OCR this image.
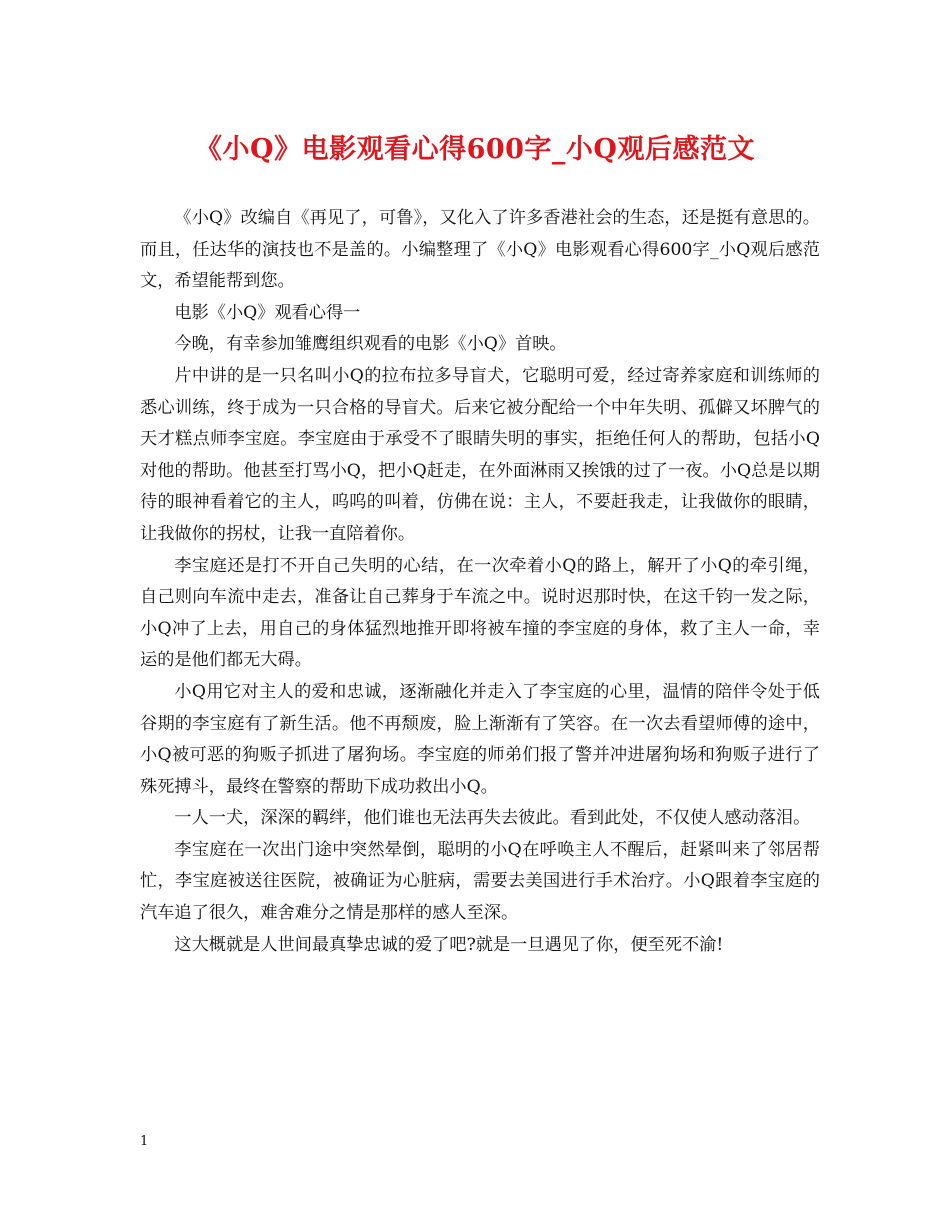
《小Q》电影观看心得600字_小Q观后感范文

《小Q》改编自《再见了，可鲁》，又化入了许多香港社会的生态，还是挺有意思的。而且，任达华的演技也不是盖的。小编整理了《小Q》电影观看心得600字_小Q观后感范文，希望能帮到您。

电影《小Q》观看心得一

今晚，有幸参加雏鹰组织观看的电影《小Q》首映。

片中讲的是一只名叫小Q的拉布拉多导盲犬，它聪明可爱，经过寄养家庭和训练师的悉心训练，终于成为一只合格的导盲犬。后来它被分配给一个中年失明、孤僻又坏脾气的天才糕点师李宝庭。李宝庭由于承受不了眼睛失明的事实，拒绝任何人的帮助，包括小Q对他的帮助。他甚至打骂小Q，把小Q赶走，在外面淋雨又挨饿的过了一夜。小Q总是以期待的眼神看着它的主人，呜呜的叫着，仿佛在说：主人，不要赶我走，让我做你的眼睛，让我做你的拐杖，让我一直陪着你。

李宝庭还是打不开自己失明的心结，在一次牵着小Q的路上，解开了小Q的牵引绳，自己则向车流中走去，准备让自己葬身于车流之中。说时迟那时快，在这千钧一发之际，小Q冲了上去，用自己的身体猛烈地推开即将被车撞的李宝庭的身体，救了主人一命，幸运的是他们都无大碍。

小Q用它对主人的爱和忠诚，逐渐融化并走入了李宝庭的心里，温情的陪伴令处于低谷期的李宝庭有了新生活。他不再颓废，脸上渐渐有了笑容。在一次去看望师傅的途中，小Q被可恶的狗贩子抓进了屠狗场。李宝庭的师弟们报了警并冲进屠狗场和狗贩子进行了殊死搏斗，最终在警察的帮助下成功救出小Q。

一人一犬，深深的羁绊，他们谁也无法再失去彼此。看到此处，不仅使人感动落泪。

李宝庭在一次出门途中突然晕倒，聪明的小Q在呼唤主人不醒后，赶紧叫来了邻居帮忙，李宝庭被送往医院，被确证为心脏病，需要去美国进行手术治疗。小Q跟着李宝庭的汽车追了很久，难舍难分之情是那样的感人至深。

这大概就是人世间最真挚忠诚的爱了吧?就是一旦遇见了你，便至死不渝!

1
